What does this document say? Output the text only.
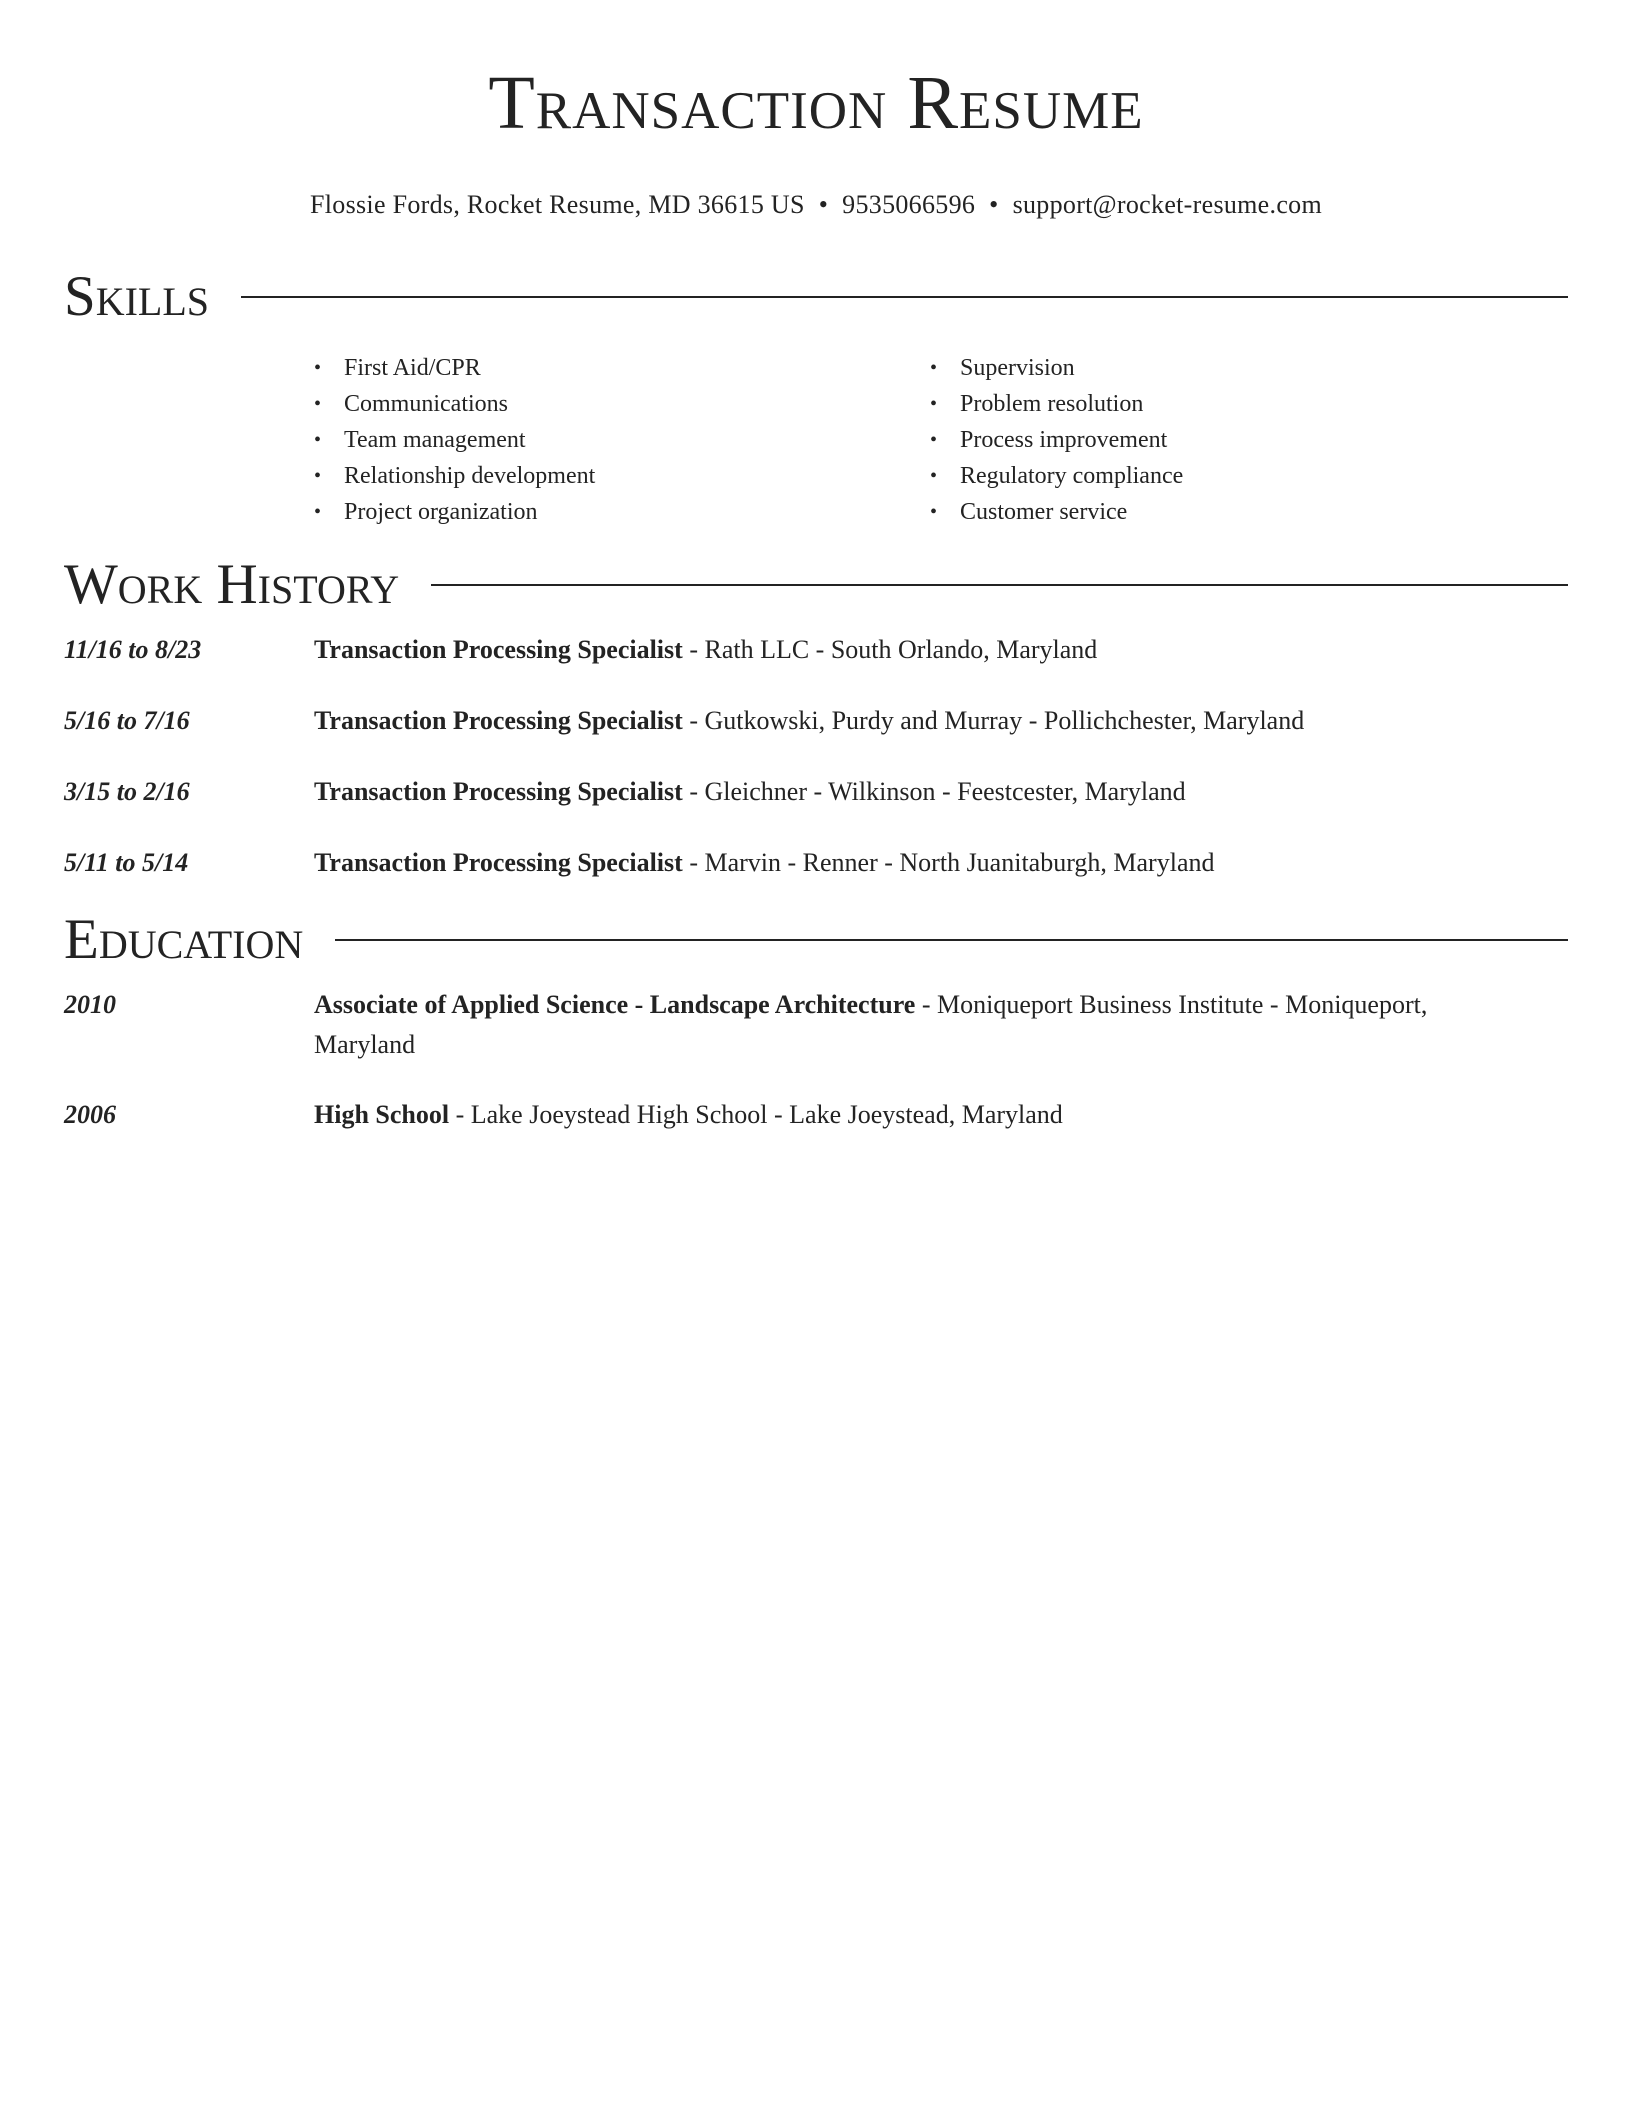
Transaction Resume
Flossie Fords, Rocket Resume, MD 36615 US • 9535066596 • support@rocket-resume.com
Skills
• First Aid/CPR
• Communications
• Team management
• Relationship development
• Project organization
• Supervision
• Problem resolution
• Process improvement
• Regulatory compliance
• Customer service
Work History
11/16 to 8/23	Transaction Processing Specialist - Rath LLC - South Orlando, Maryland
5/16 to 7/16	Transaction Processing Specialist - Gutkowski, Purdy and Murray - Pollichchester, Maryland
3/15 to 2/16	Transaction Processing Specialist - Gleichner - Wilkinson - Feestcester, Maryland
5/11 to 5/14	Transaction Processing Specialist - Marvin - Renner - North Juanitaburgh, Maryland
Education
2010	Associate of Applied Science - Landscape Architecture - Moniqueport Business Institute - Moniqueport, Maryland
2006	High School - Lake Joeystead High School - Lake Joeystead, Maryland
